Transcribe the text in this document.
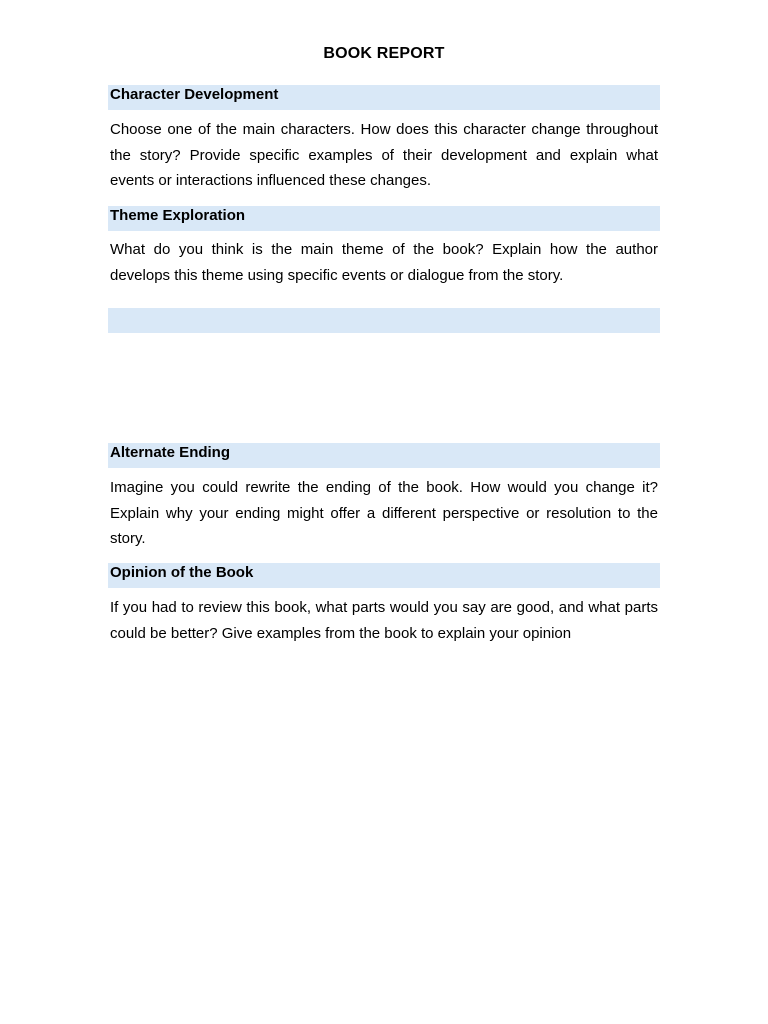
BOOK REPORT
Character Development

Choose one of the main characters. How does this character change throughout the story? Provide specific examples of their development and explain what events or interactions influenced these changes.

Theme Exploration

What do you think is the main theme of the book? Explain how the author develops this theme using specific events or dialogue from the story.

Alternate Ending

Imagine you could rewrite the ending of the book. How would you change it? Explain why your ending might offer a different perspective or resolution to the story.

Opinion of the Book

If you had to review this book, what parts would you say are good, and what parts could be better? Give examples from the book to explain your opinion
